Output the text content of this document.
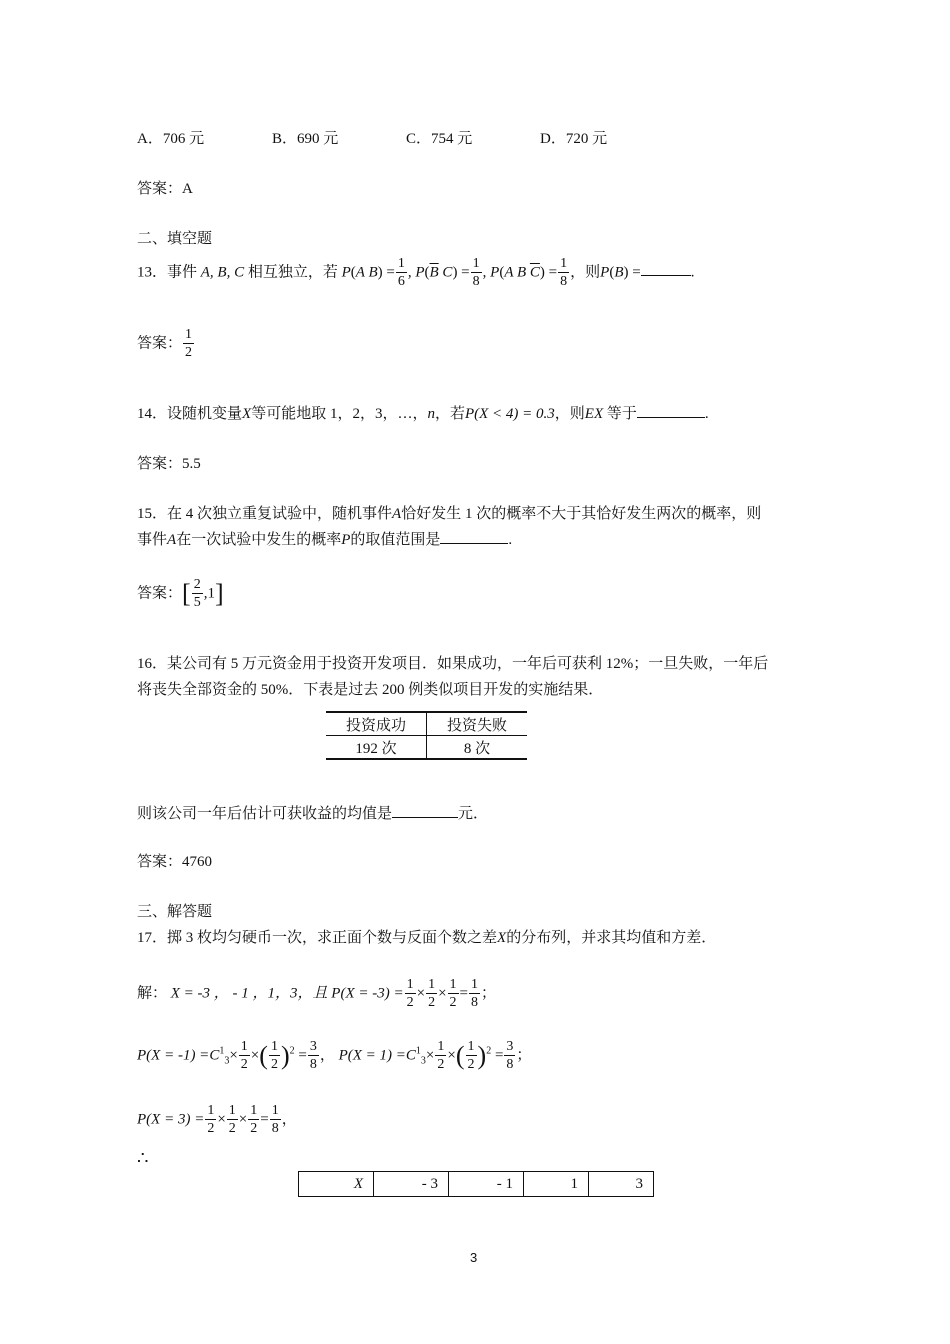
A．706 元	B．690 元	C．754 元	D．720 元
答案：A
二、填空题
13．事件 A, B, C 相互独立，若 P(A $B) = \frac{1}{6}$ , $P(\overline{B}$ $C) = \frac{1}{8}$ , P(A B $\overline{C}) = \frac{1}{8}$ ，则P(B) =	.
答案： $\frac{1}{2}$
14．设随机变量X等可能地取 1，2，3，…，n，若P(X < 4) = 0.3，则EX 等于	.
答案：5.5
15．在 4 次独立重复试验中，随机事件A恰好发生 1 次的概率不大于其恰好发生两次的概率，则
事件A在一次试验中发生的概率P的取值范围是	.
答案：[ $\frac{2}{5} ,1$]
16．某公司有 5 万元资金用于投资开发项目．如果成功，一年后可获利 12%；一旦失败，一年后
将丧失全部资金的 50%．下表是过去 200 例类似项目开发的实施结果．
投资成功	投资失败
192 次	8 次
则该公司一年后估计可获收益的均值是	元．
答案：4760
三、解答题
17．掷 3 枚均匀硬币一次，求正面个数与反面个数之差X的分布列，并求其均值和方差．
解： X = -3 ， - 1 ，1，3，且 $P(X = -3) = \frac{1}{2} \times \frac{1}{2} \times \frac{1}{2} = \frac{1}{8}$ ；
$P(X = -1) =C^1_3\times \frac{1}{2}$ ×( $\frac{1}{2} )^2 = \frac{3}{8}$ ， $P(X = 1) =C^1_3\times \frac{1}{2}$ ×( $\frac{1}{2} )^2 = \frac{3}{8}$ ；
$P(X = 3) = \frac{1}{2} \times \frac{1}{2} \times \frac{1}{2} = \frac{1}{8}$ ，
∴
X	- 3	- 1	1	3
3
